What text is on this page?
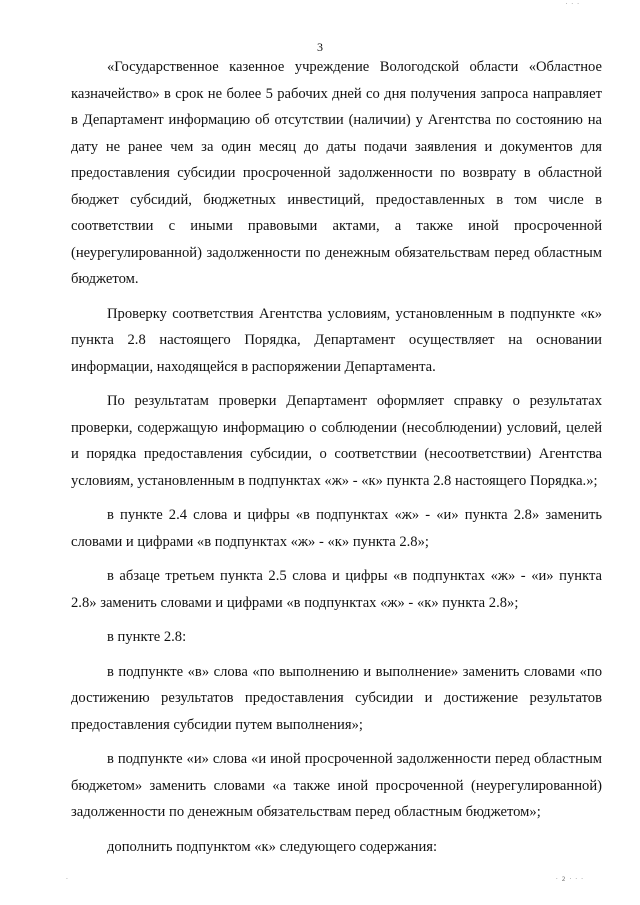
· · ·
3

«Государственное казенное учреждение Вологодской области «Областное казначейство» в срок не более 5 рабочих дней со дня получения запроса направляет в Департамент информацию об отсутствии (наличии) у Агентства по состоянию на дату не ранее чем за один месяц до даты подачи заявления и документов для предоставления субсидии просроченной задолженности по возврату в областной бюджет субсидий, бюджетных инвестиций, предоставленных в том числе в соответствии с иными правовыми актами, а также иной просроченной (неурегулированной) задолженности по денежным обязательствам перед областным бюджетом.

Проверку соответствия Агентства условиям, установленным в подпункте «к» пункта 2.8 настоящего Порядка, Департамент осуществляет на основании информации, находящейся в распоряжении Департамента.

По результатам проверки Департамент оформляет справку о результатах проверки, содержащую информацию о соблюдении (несоблюдении) условий, целей и порядка предоставления субсидии, о соответствии (несоответствии) Агентства условиям, установленным в подпунктах «ж» - «к» пункта 2.8 настоящего Порядка.»;

в пункте 2.4 слова и цифры «в подпунктах «ж» - «и» пункта 2.8» заменить словами и цифрами «в подпунктах «ж» - «к» пункта 2.8»;

в абзаце третьем пункта 2.5 слова и цифры «в подпунктах «ж» - «и» пункта 2.8» заменить словами и цифрами «в подпунктах «ж» - «к» пункта 2.8»;

в пункте 2.8:

в подпункте «в» слова «по выполнению и выполнение» заменить словами «по достижению результатов предоставления субсидии и достижение результатов предоставления субсидии путем выполнения»;

в подпункте «и» слова «и иной просроченной задолженности перед областным бюджетом» заменить словами «а также иной просроченной (неурегулированной) задолженности по денежным обязательствам перед областным бюджетом»;

дополнить подпунктом «к» следующего содержания:

·	· 2 · · ·
